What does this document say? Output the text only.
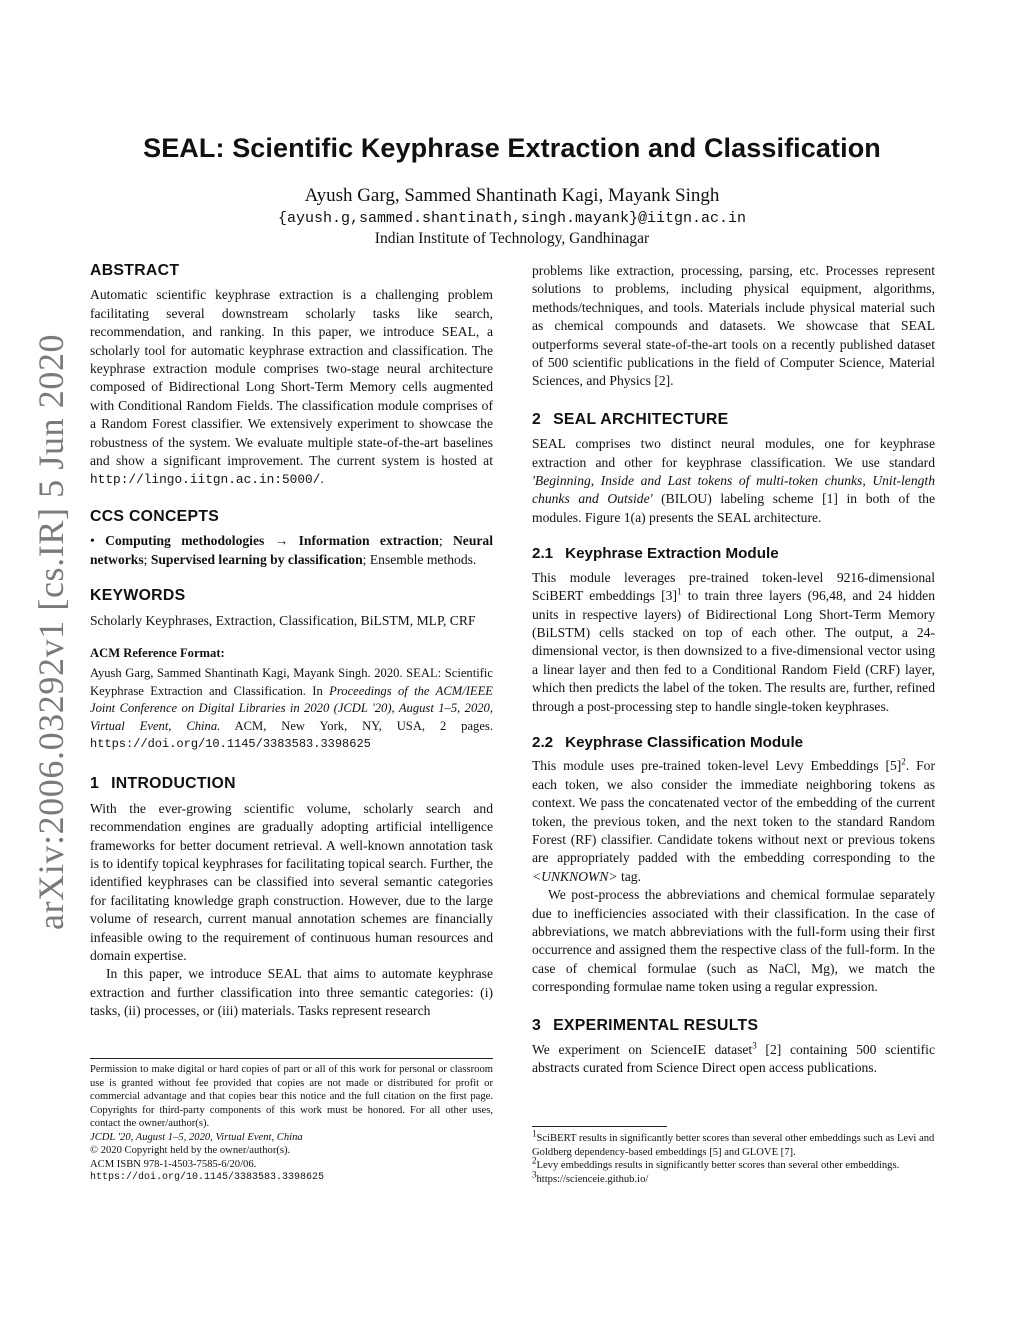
SEAL: Scientific Keyphrase Extraction and Classification
Ayush Garg, Sammed Shantinath Kagi, Mayank Singh
{ayush.g,sammed.shantinath,singh.mayank}@iitgn.ac.in
Indian Institute of Technology, Gandhinagar
arXiv:2006.03292v1 [cs.IR] 5 Jun 2020
ABSTRACT

Automatic scientific keyphrase extraction is a challenging problem facilitating several downstream scholarly tasks like search, recommendation, and ranking. In this paper, we introduce SEAL, a scholarly tool for automatic keyphrase extraction and classification. The keyphrase extraction module comprises two-stage neural architecture composed of Bidirectional Long Short-Term Memory cells augmented with Conditional Random Fields. The classification module comprises of a Random Forest classifier. We extensively experiment to showcase the robustness of the system. We evaluate multiple state-of-the-art baselines and show a significant improvement. The current system is hosted at http://lingo.iitgn.ac.in:5000/.

CCS CONCEPTS

• Computing methodologies → Information extraction; Neural networks; Supervised learning by classification; Ensemble methods.

KEYWORDS

Scholarly Keyphrases, Extraction, Classification, BiLSTM, MLP, CRF

ACM Reference Format:

Ayush Garg, Sammed Shantinath Kagi, Mayank Singh. 2020. SEAL: Scientific Keyphrase Extraction and Classification. In Proceedings of the ACM/IEEE Joint Conference on Digital Libraries in 2020 (JCDL '20), August 1–5, 2020, Virtual Event, China. ACM, New York, NY, USA, 2 pages. https://doi.org/10.1145/3383583.3398625

1 INTRODUCTION

With the ever-growing scientific volume, scholarly search and recommendation engines are gradually adopting artificial intelligence frameworks for better document retrieval. A well-known annotation task is to identify topical keyphrases for facilitating topical search. Further, the identified keyphrases can be classified into several semantic categories for facilitating knowledge graph construction. However, due to the large volume of research, current manual annotation schemes are financially infeasible owing to the requirement of continuous human resources and domain expertise.

In this paper, we introduce SEAL that aims to automate keyphrase extraction and further classification into three semantic categories: (i) tasks, (ii) processes, or (iii) materials. Tasks represent research

Permission to make digital or hard copies of part or all of this work for personal or classroom use is granted without fee provided that copies are not made or distributed for profit or commercial advantage and that copies bear this notice and the full citation on the first page. Copyrights for third-party components of this work must be honored. For all other uses, contact the owner/author(s).

JCDL '20, August 1–5, 2020, Virtual Event, China

© 2020 Copyright held by the owner/author(s).

ACM ISBN 978-1-4503-7585-6/20/06.

https://doi.org/10.1145/3383583.3398625

problems like extraction, processing, parsing, etc. Processes represent solutions to problems, including physical equipment, algorithms, methods/techniques, and tools. Materials include physical material such as chemical compounds and datasets. We showcase that SEAL outperforms several state-of-the-art tools on a recently published dataset of 500 scientific publications in the field of Computer Science, Material Sciences, and Physics [2].

2 SEAL ARCHITECTURE

SEAL comprises two distinct neural modules, one for keyphrase extraction and other for keyphrase classification. We use standard 'Beginning, Inside and Last tokens of multi-token chunks, Unit-length chunks and Outside' (BILOU) labeling scheme [1] in both of the modules. Figure 1(a) presents the SEAL architecture.

2.1 Keyphrase Extraction Module

This module leverages pre-trained token-level 9216-dimensional SciBERT embeddings $[3]^1$ to train three layers (96,48, and 24 hidden units in respective layers) of Bidirectional Long Short-Term Memory (BiLSTM) cells stacked on top of each other. The output, a 24-dimensional vector, is then downsized to a five-dimensional vector using a linear layer and then fed to a Conditional Random Field (CRF) layer, which then predicts the label of the token. The results are, further, refined through a post-processing step to handle single-token keyphrases.

2.2 Keyphrase Classification Module

This module uses pre-trained token-level Levy Embeddings $[5]^2$. For each token, we also consider the immediate neighboring tokens as context. We pass the concatenated vector of the embedding of the current token, the previous token, and the next token to the standard Random Forest (RF) classifier. Candidate tokens without next or previous tokens are appropriately padded with the embedding corresponding to the <UNKNOWN> tag.

We post-process the abbreviations and chemical formulae separately due to inefficiencies associated with their classification. In the case of abbreviations, we match abbreviations with the full-form using their first occurrence and assigned them the respective class of the full-form. In the case of chemical formulae (such as NaCl, Mg), we match the corresponding formulae name token using a regular expression.

3 EXPERIMENTAL RESULTS

We experiment on ScienceIE dataset$^3$ [2] containing 500 scientific abstracts curated from Science Direct open access publications.

$^1$SciBERT results in significantly better scores than several other embeddings such as Levi and Goldberg dependency-based embeddings [5] and GLOVE [7].

$^2$Levy embeddings results in significantly better scores than several other embeddings.

$^3$https://scienceie.github.io/
